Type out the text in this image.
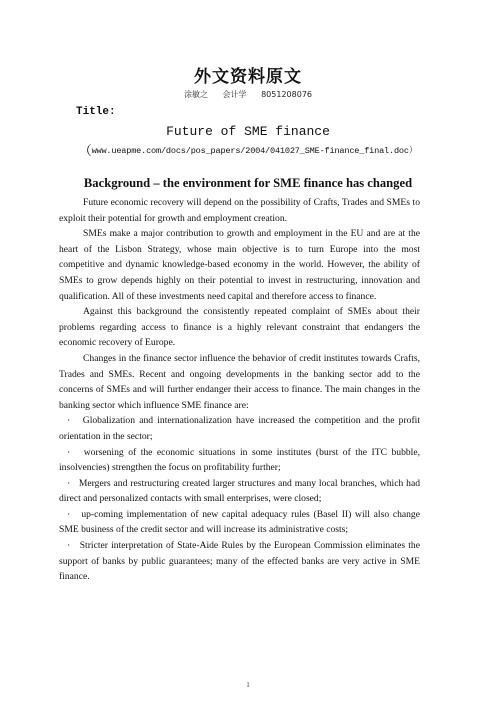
外文资料原文
涂敏之 会计学 8051208076
Title:
Future of SME finance
（www.ueapme.com/docs/pos_papers/2004/041027_SME-finance_final.doc）
Background – the environment for SME finance has changed

Future economic recovery will depend on the possibility of Crafts, Trades and SMEs to exploit their potential for growth and employment creation.

SMEs make a major contribution to growth and employment in the EU and are at the heart of the Lisbon Strategy, whose main objective is to turn Europe into the most competitive and dynamic knowledge-based economy in the world. However, the ability of SMEs to grow depends highly on their potential to invest in restructuring, innovation and qualification. All of these investments need capital and therefore access to finance.

Against this background the consistently repeated complaint of SMEs about their problems regarding access to finance is a highly relevant constraint that endangers the economic recovery of Europe.

Changes in the finance sector influence the behavior of credit institutes towards Crafts, Trades and SMEs. Recent and ongoing developments in the banking sector add to the concerns of SMEs and will further endanger their access to finance. The main changes in the banking sector which influence SME finance are:

·   Globalization and internationalization have increased the competition and the profit orientation in the sector;

·   worsening of the economic situations in some institutes (burst of the ITC bubble, insolvencies) strengthen the focus on profitability further;

·   Mergers and restructuring created larger structures and many local branches, which had direct and personalized contacts with small enterprises, were closed;

·   up-coming implementation of new capital adequacy rules (Basel II) will also change SME business of the credit sector and will increase its administrative costs;

·   Stricter interpretation of State-Aide Rules by the European Commission eliminates the support of banks by public guarantees; many of the effected banks are very active in SME finance.

1
